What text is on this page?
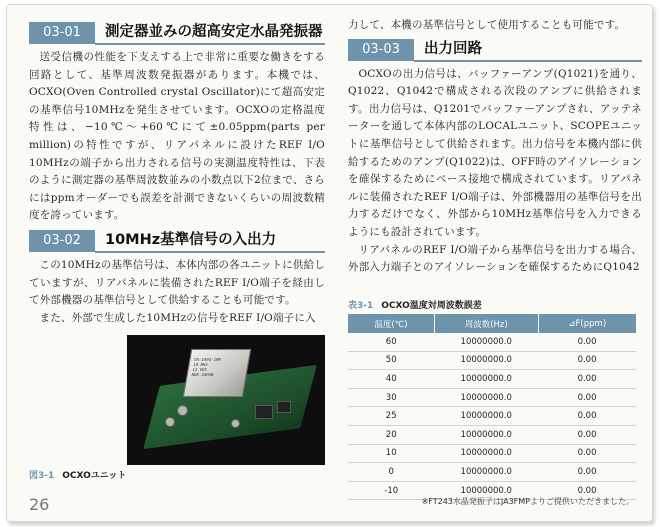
03-01	測定器並みの超高安定水晶発振器

送受信機の性能を下支えする上で非常に重要な働きをする回路として、基準周波数発振器があります。本機では、OCXO(Oven Controlled crystal Oscillator)にて超高安定の基準信号10MHzを発生させています。OCXOの定格温度特性は、−10℃〜+60℃にて±0.05ppm(parts per million)の特性ですが、リアパネルに設けたREF I/O 10MHzの端子から出力される信号の実測温度特性は、下表のように測定器の基準周波数並みの小数点以下2位まで、さらにはppmオーダーでも誤差を計測できないくらいの周波数精度を誇っています。

03-02	10MHz基準信号の入出力

この10MHzの基準信号は、本体内部の各ユニットに供給していますが、リアパネルに装備されたREF I/O端子を経由して外部機器の基準信号として供給することも可能です。

また、外部で生成した10MHzの信号をREF I/O端子に入

OX-1004-10M
10 MHz
12 VDC
NDK JAPAN
図3-1 OCXOユニット
26

力して、本機の基準信号として使用することも可能です。

03-03	出力回路

OCXOの出力信号は、バッファーアンプ(Q1021)を通り、Q1022、Q1042で構成される次段のアンプに供給されます。出力信号は、Q1201でバッファーアンプされ、アッテネーターを通して本体内部のLOCALユニット、SCOPEユニットに基準信号として供給されます。出力信号を本機内部に供給するためのアンプ(Q1022)は、OFF時のアイソレーションを確保するためにベース接地で構成されています。リアパネルに装備されたREF I/O端子は、外部機器用の基準信号を出力するだけでなく、外部から10MHz基準信号を入力できるようにも設計されています。

リアパネルのREF I/O端子から基準信号を出力する場合、外部入力端子とのアイソレーションを確保するためにQ1042

表3-1 OCXO温度対周波数誤差
温度(℃)	周波数(Hz)	⊿F(ppm)
60	10000000.0	0.00
50	10000000.0	0.00
40	10000000.0	0.00
30	10000000.0	0.00
25	10000000.0	0.00
20	10000000.0	0.00
10	10000000.0	0.00
0	10000000.0	0.00
-10	10000000.0	0.00
※FT243水晶発振子はJA3FMPよりご提供いただきました。
